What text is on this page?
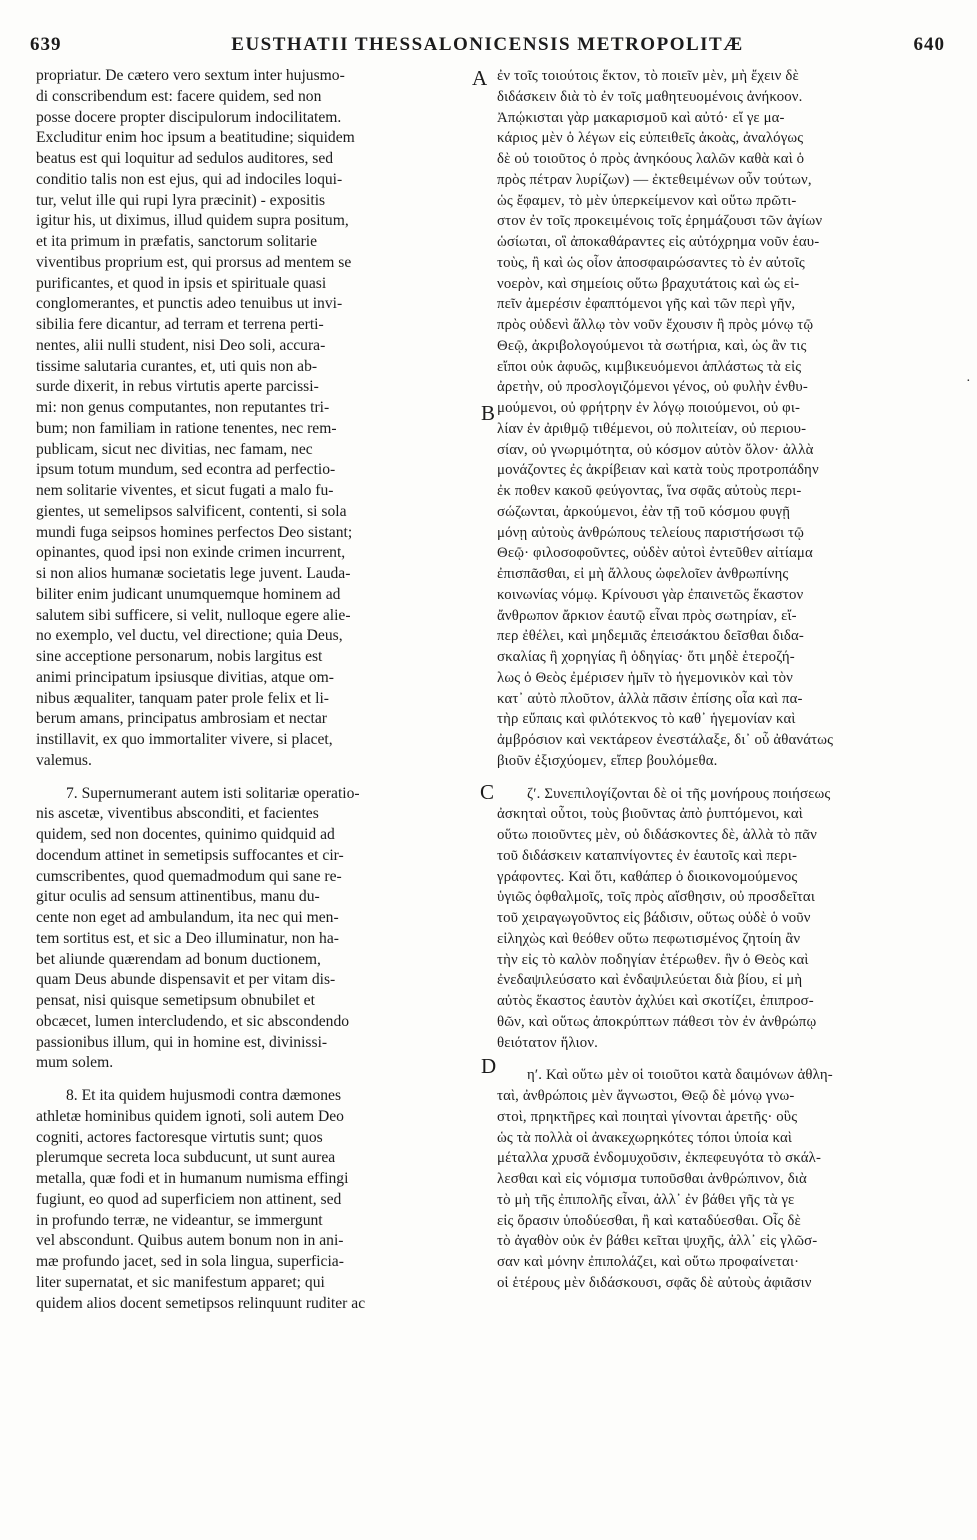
639	EUSTHATII THESSALONICENSIS METROPOLITÆ	640
propriatur. De cætero vero sextum inter hujusmo-
di conscribendum est: facere quidem, sed non
posse docere propter discipulorum indocilitatem.
Excluditur enim hoc ipsum a beatitudine; siquidem
beatus est qui loquitur ad sedulos auditores, sed
conditio talis non est ejus, qui ad indociles loqui-
tur, velut ille qui rupi lyra præcinit) - expositis
igitur his, ut diximus, illud quidem supra positum,
et ita primum in præfatis, sanctorum solitarie
viventibus proprium est, qui prorsus ad mentem se
purificantes, et quod in ipsis et spirituale quasi
conglomerantes, et punctis adeo tenuibus ut invi-
sibilia fere dicantur, ad terram et terrena perti-
nentes, alii nulli student, nisi Deo soli, accura-
tissime salutaria curantes, et, uti quis non ab-
surde dixerit, in rebus virtutis aperte parcissi-
mi: non genus computantes, non reputantes tri-
bum; non familiam in ratione tenentes, nec rem-
publicam, sicut nec divitias, nec famam, nec
ipsum totum mundum, sed econtra ad perfectio-
nem solitarie viventes, et sicut fugati a malo fu-
gientes, ut semelipsos salvificent, contenti, si sola
mundi fuga seipsos homines perfectos Deo sistant;
opinantes, quod ipsi non exinde crimen incurrent,
si non alios humanæ societatis lege juvent. Lauda-
biliter enim judicant unumquemque hominem ad
salutem sibi sufficere, si velit, nulloque egere alie-
no exemplo, vel ductu, vel directione; quia Deus,
sine acceptione personarum, nobis largitus est
animi principatum ipsiusque divitias, atque om-
nibus æqualiter, tanquam pater prole felix et li-
berum amans, principatus ambrosiam et nectar
instillavit, ex quo immortaliter vivere, si placet,
valemus.
7. Supernumerant autem isti solitariæ operatio-
nis ascetæ, viventibus absconditi, et facientes
quidem, sed non docentes, quinimo quidquid ad
docendum attinet in semetipsis suffocantes et cir-
cumscribentes, quod quemadmodum qui sane re-
gitur oculis ad sensum attinentibus, manu du-
cente non eget ad ambulandum, ita nec qui men-
tem sortitus est, et sic a Deo illuminatur, non ha-
bet aliunde quærendam ad bonum ductionem,
quam Deus abunde dispensavit et per vitam dis-
pensat, nisi quisque semetipsum obnubilet et
obcæcet, lumen intercludendo, et sic abscondendo
passionibus illum, qui in homine est, divinissi-
mum solem.
8. Et ita quidem hujusmodi contra dæmones
athletæ hominibus quidem ignoti, soli autem Deo
cogniti, actores factoresque virtutis sunt; quos
plerumque secreta loca subducunt, ut sunt aurea
metalla, quæ fodi et in humanum numisma effingi
fugiunt, eo quod ad superficiem non attinent, sed
in profundo terræ, ne videantur, se immergunt
vel abscondunt. Quibus autem bonum non in ani-
mæ profundo jacet, sed in sola lingua, superficia-
liter supernatat, et sic manifestum apparet; qui
quidem alios docent semetipsos relinquunt ruditer ac
ἐν τοῖς τοιούτοις ἕκτον, τὸ ποιεῖν μὲν, μὴ ἔχειν δὲ
διδάσκειν διὰ τὸ ἐν τοῖς μαθητευομένοις ἀνήκοον.
Ἀπῴκισται γὰρ μακαρισμοῦ καὶ αὐτό· εἴ γε μα-
κάριος μὲν ὁ λέγων εἰς εὐπειθεῖς ἀκοὰς, ἀναλόγως
δὲ οὐ τοιοῦτος ὁ πρὸς ἀνηκόους λαλῶν καθὰ καὶ ὁ
πρὸς πέτραν λυρίζων) — ἐκτεθειμένων οὖν τούτων,
ὡς ἔφαμεν, τὸ μὲν ὑπερκείμενον καὶ οὕτω πρῶτι-
στον ἐν τοῖς προκειμένοις τοῖς ἐρημάζουσι τῶν ἁγίων
ὡσίωται, οἳ ἀποκαθάραντες εἰς αὐτόχρημα νοῦν ἑαυ-
τοὺς, ἢ καὶ ὡς οἷον ἀποσφαιρώσαντες τὸ ἐν αὐτοῖς
νοερὸν, καὶ σημείοις οὕτω βραχυτάτοις καὶ ὡς εἰ-
πεῖν ἀμερέσιν ἐφαπτόμενοι γῆς καὶ τῶν περὶ γῆν,
πρὸς οὐδενὶ ἄλλῳ τὸν νοῦν ἔχουσιν ἢ πρὸς μόνῳ τῷ
Θεῷ, ἀκριβολογούμενοι τὰ σωτήρια, καὶ, ὡς ἂν τις
εἴποι οὐκ ἀφυῶς, κιμβικευόμενοι ἁπλάστως τὰ εἰς
ἀρετὴν, οὐ προσλογιζόμενοι γένος, οὐ φυλὴν ἐνθυ-
μούμενοι, οὐ φρήτρην ἐν λόγῳ ποιούμενοι, οὐ φι-
λίαν ἐν ἀριθμῷ τιθέμενοι, οὐ πολιτείαν, οὐ περιου-
σίαν, οὐ γνωριμότητα, οὐ κόσμον αὐτὸν ὅλον· ἀλλὰ
μονάζοντες ἐς ἀκρίβειαν καὶ κατὰ τοὺς προτροπάδην
ἐκ ποθεν κακοῦ φεύγοντας, ἵνα σφᾶς αὐτοὺς περι-
σώζωνται, ἀρκούμενοι, ἐὰν τῇ τοῦ κόσμου φυγῇ
μόνῃ αὐτοὺς ἀνθρώπους τελείους παριστήσωσι τῷ
Θεῷ· φιλοσοφοῦντες, οὐδὲν αὐτοὶ ἐντεῦθεν αἰτίαμα
ἐπισπᾶσθαι, εἰ μὴ ἄλλους ὠφελοῖεν ἀνθρωπίνης
κοινωνίας νόμῳ. Κρίνουσι γὰρ ἐπαινετῶς ἕκαστον
ἄνθρωπον ἄρκιον ἑαυτῷ εἶναι πρὸς σωτηρίαν, εἴ-
περ ἐθέλει, καὶ μηδεμιᾶς ἐπεισάκτου δεῖσθαι διδα-
σκαλίας ἢ χορηγίας ἢ ὁδηγίας· ὅτι μηδὲ ἑτεροζή-
λως ὁ Θεὸς ἐμέρισεν ἡμῖν τὸ ἡγεμονικὸν καὶ τὸν
κατ᾽ αὐτὸ πλοῦτον, ἀλλὰ πᾶσιν ἐπίσης οἷα καὶ πα-
τὴρ εὔπαις καὶ φιλότεκνος τὸ καθ᾽ ἡγεμονίαν καὶ
ἀμβρόσιον καὶ νεκτάρεον ἐνεστάλαξε, δι᾽ οὗ ἀθανάτως
βιοῦν ἐξισχύομεν, εἴπερ βουλόμεθα.
ζʹ. Συνεπιλογίζονται δὲ οἱ τῆς μονήρους ποιήσεως
ἀσκηταὶ οὗτοι, τοὺς βιοῦντας ἀπὸ ῥυπτόμενοι, καὶ
οὕτω ποιοῦντες μὲν, οὐ διδάσκοντες δὲ, ἀλλὰ τὸ πᾶν
τοῦ διδάσκειν καταπνίγοντες ἐν ἑαυτοῖς καὶ περι-
γράφοντες. Καὶ ὅτι, καθάπερ ὁ διοικονομούμενος
ὑγιῶς ὀφθαλμοῖς, τοῖς πρὸς αἴσθησιν, οὐ προσδεῖται
τοῦ χειραγωγοῦντος εἰς βάδισιν, οὕτως οὐδὲ ὁ νοῦν
εἰληχὼς καὶ θεόθεν οὕτω πεφωτισμένος ζητοίη ἂν
τὴν εἰς τὸ καλὸν ποδηγίαν ἑτέρωθεν. ἣν ὁ Θεὸς καὶ
ἐνεδαψιλεύσατο καὶ ἐνδαψιλεύεται διὰ βίου, εἰ μὴ
αὐτὸς ἕκαστος ἑαυτὸν ἀχλύει καὶ σκοτίζει, ἐπιπροσ-
θῶν, καὶ οὕτως ἀποκρύπτων πάθεσι τὸν ἐν ἀνθρώπῳ
θειότατον ἥλιον.
ηʹ. Καὶ οὕτω μὲν οἱ τοιοῦτοι κατὰ δαιμόνων ἀθλη-
ταὶ, ἀνθρώποις μὲν ἄγνωστοι, Θεῷ δὲ μόνῳ γνω-
στοὶ, πρηκτῆρες καὶ ποιηταὶ γίνονται ἀρετῆς· οὓς
ὡς τὰ πολλὰ οἱ ἀνακεχωρηκότες τόποι ὑποία καὶ
μέταλλα χρυσᾶ ἐνδομυχοῦσιν, ἐκπεφευγότα τὸ σκάλ-
λεσθαι καὶ εἰς νόμισμα τυποῦσθαι ἀνθρώπινον, διὰ
τὸ μὴ τῆς ἐπιπολῆς εἶναι, ἀλλ᾽ ἐν βάθει γῆς τὰ γε
εἰς ὅρασιν ὑποδύεσθαι, ἢ καὶ καταδύεσθαι. Οἷς δὲ
τὸ ἀγαθὸν οὐκ ἐν βάθει κεῖται ψυχῆς, ἀλλ᾽ εἰς γλῶσ-
σαν καὶ μόνην ἐπιπολάζει, καὶ οὕτω προφαίνεται·
οἱ ἑτέρους μὲν διδάσκουσι, σφᾶς δὲ αὐτοὺς ἀφιᾶσιν
A
B
C
D
·
